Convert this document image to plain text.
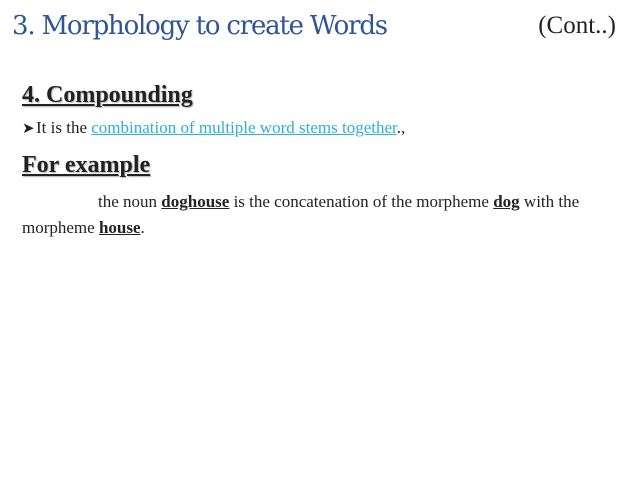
3. Morphology to create Words	(Cont..)
4. Compounding
➤It is the combination of multiple word stems together.,
For example
the noun doghouse is the concatenation of the morpheme dog with the morpheme house.
